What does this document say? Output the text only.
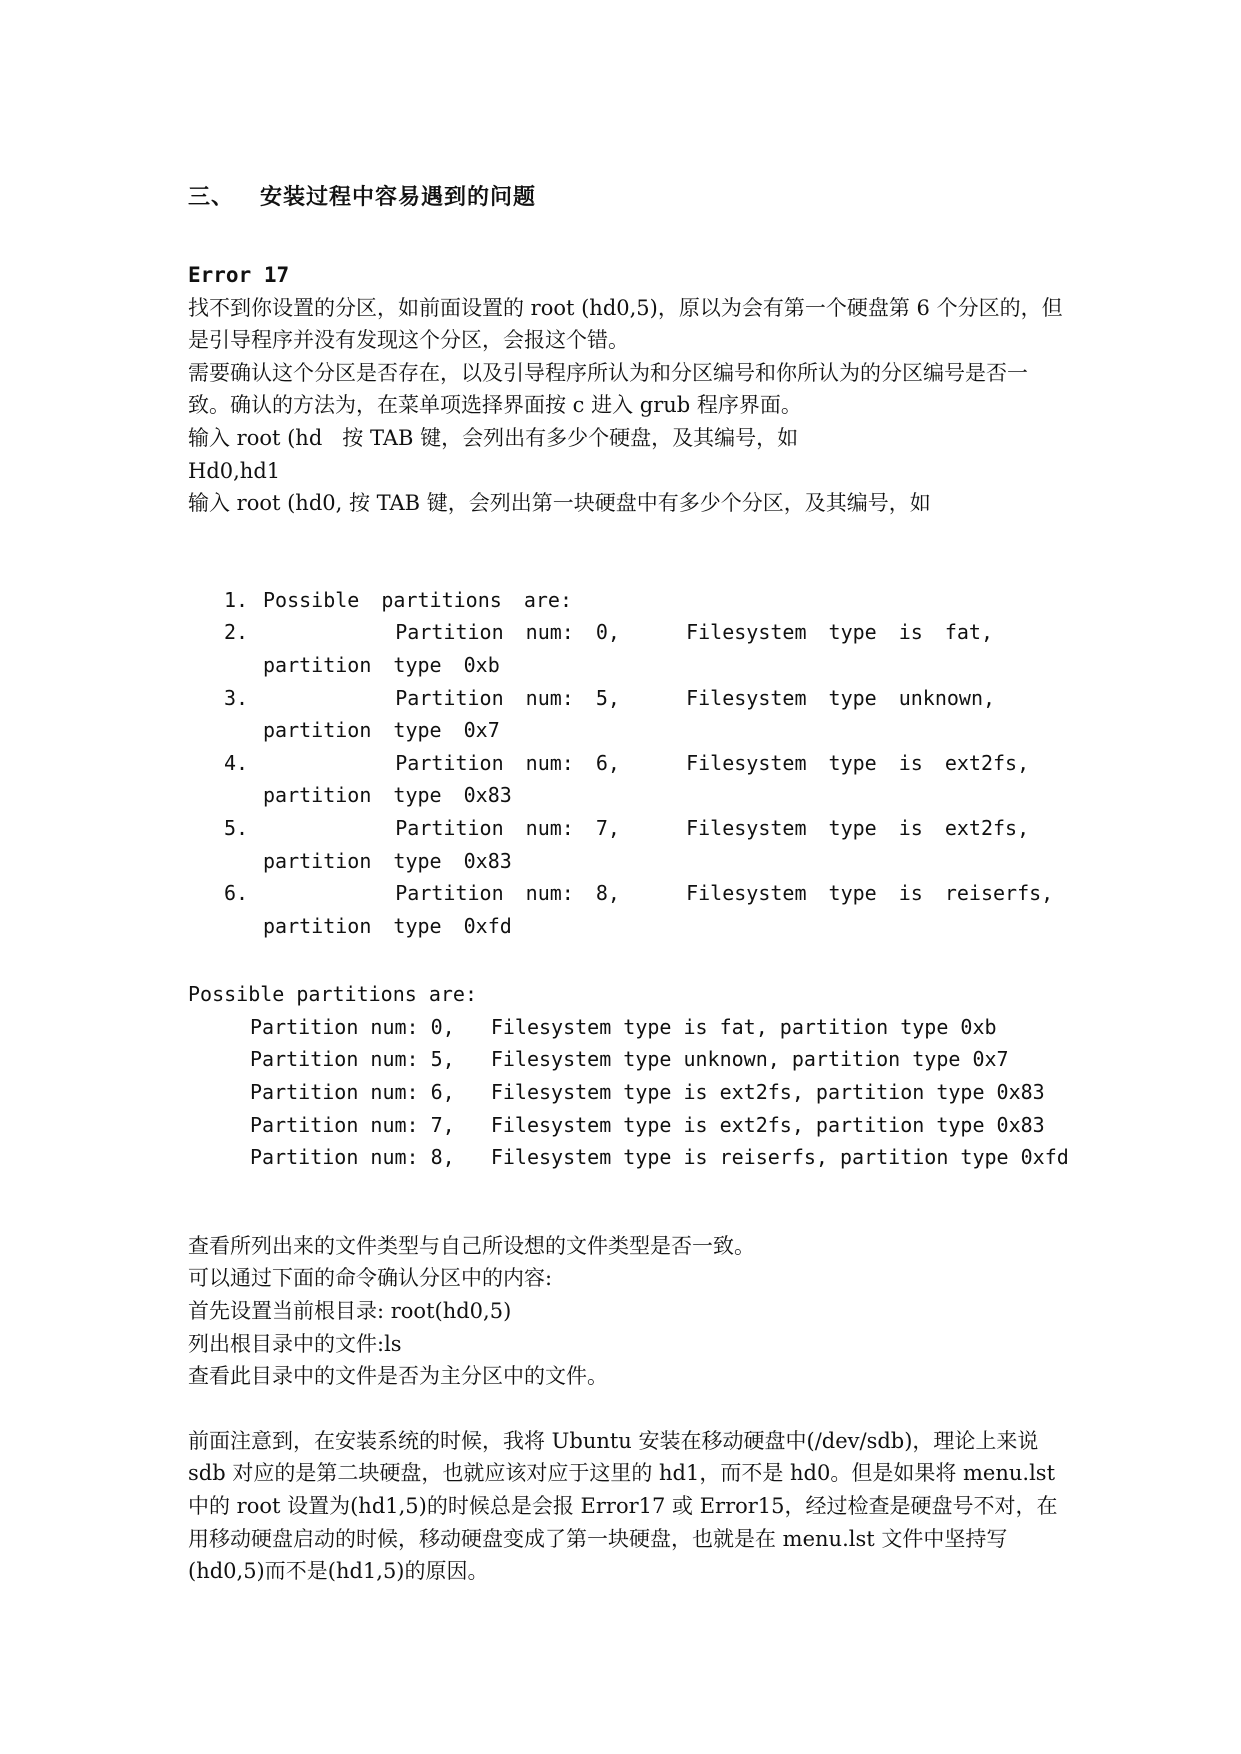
三、 安装过程中容易遇到的问题
Error 17

找不到你设置的分区，如前面设置的 root (hd0,5)，原以为会有第一个硬盘第 6 个分区的，但是引导程序并没有发现这个分区，会报这个错。

需要确认这个分区是否存在，以及引导程序所认为和分区编号和你所认为的分区编号是否一致。确认的方法为，在菜单项选择界面按 c 进入 grub 程序界面。

输入 root (hd   按 TAB 键，会列出有多少个硬盘，及其编号，如

Hd0,hd1

输入 root (hd0, 按 TAB 键，会列出第一块硬盘中有多少个分区，及其编号，如

1. Possible partitions are:
2. Partition num: 0,   Filesystem type is fat, partition type 0xb
3. Partition num: 5,   Filesystem type unknown, partition type 0x7
4. Partition num: 6,   Filesystem type is ext2fs, partition type 0x83
5. Partition num: 7,   Filesystem type is ext2fs, partition type 0x83
6. Partition num: 8,   Filesystem type is reiserfs,  partition type 0xfd
Possible partitions are:
Partition num: 0,   Filesystem type is fat, partition type 0xb
Partition num: 5,   Filesystem type unknown, partition type 0x7
Partition num: 6,   Filesystem type is ext2fs, partition type 0x83
Partition num: 7,   Filesystem type is ext2fs, partition type 0x83
Partition num: 8,   Filesystem type is reiserfs, partition type 0xfd

查看所列出来的文件类型与自己所设想的文件类型是否一致。

可以通过下面的命令确认分区中的内容:

首先设置当前根目录: root(hd0,5)

列出根目录中的文件:ls

查看此目录中的文件是否为主分区中的文件。

前面注意到，在安装系统的时候，我将 Ubuntu 安装在移动硬盘中(/dev/sdb)，理论上来说 sdb 对应的是第二块硬盘，也就应该对应于这里的 hd1，而不是 hd0。但是如果将 menu.lst 中的 root 设置为(hd1,5)的时候总是会报 Error17 或 Error15，经过检查是硬盘号不对，在用移动硬盘启动的时候，移动硬盘变成了第一块硬盘，也就是在 menu.lst 文件中坚持写(hd0,5)而不是(hd1,5)的原因。
